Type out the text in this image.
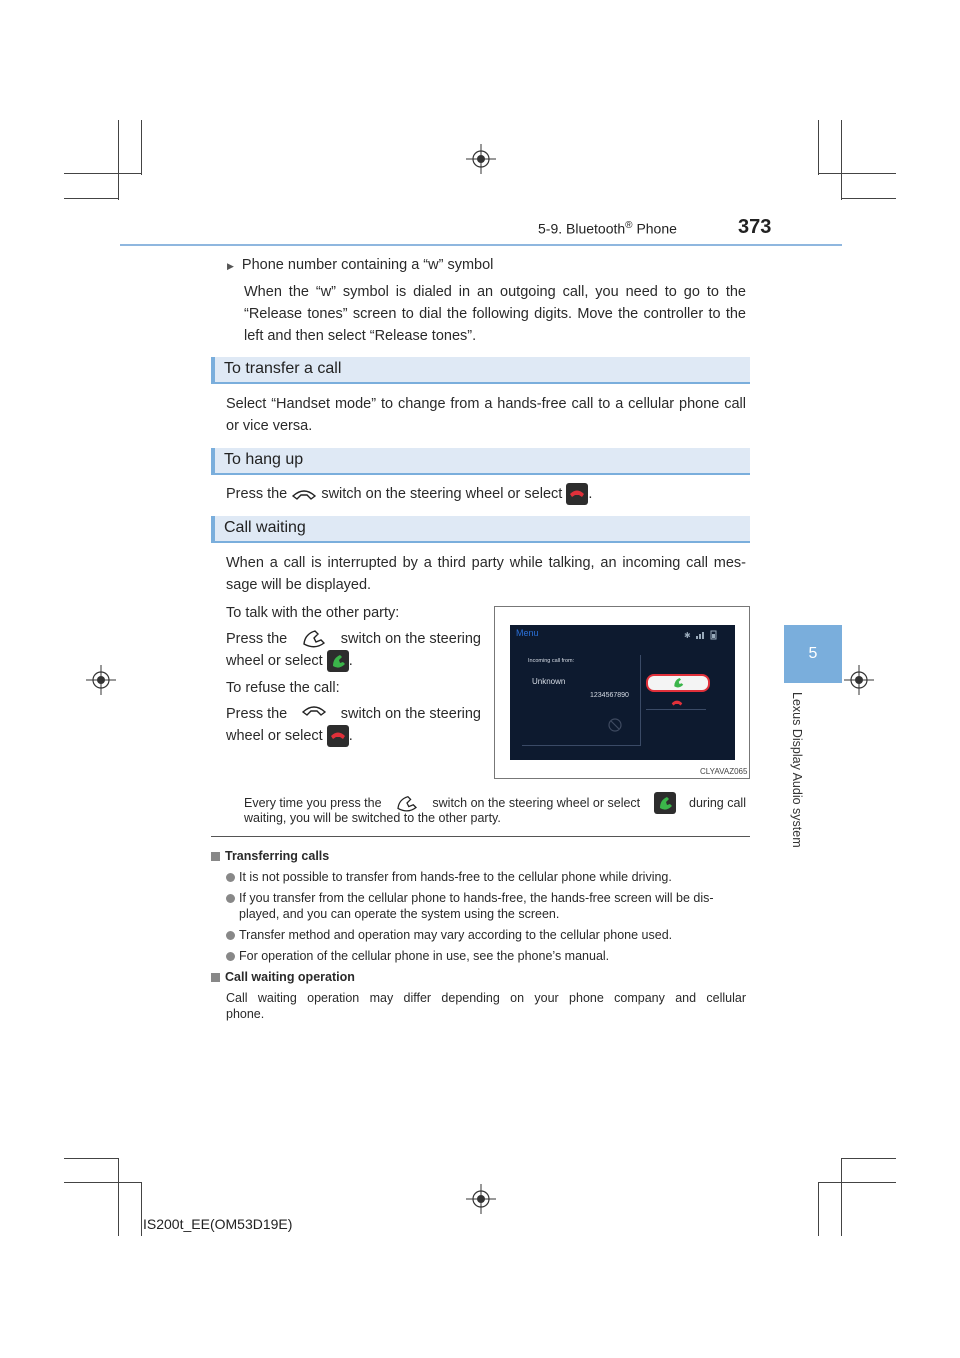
5-9. Bluetooth® Phone	373
5
Lexus Display Audio system
▶ Phone number containing a “w” symbol
When the “w” symbol is dialed in an outgoing call, you need to go to the
“Release tones” screen to dial the following digits. Move the controller to the
left and then select “Release tones”.
To transfer a call
Select “Handset mode” to change from a hands-free call to a cellular phone call
or vice versa.
To hang up
Press the switch on the steering wheel or select .
Call waiting
When a call is interrupted by a third party while talking, an incoming call mes-
sage will be displayed.
To talk with the other party:
Press the	switch on the steering
wheel or select .
To refuse the call:
Press the	switch on the steering
wheel or select .
Menu	✱
Incoming call from:
Unknown
1234567890
CLYAVAZ065
Every time you press the	switch on the steering wheel or select	during call
waiting, you will be switched to the other party.
Transferring calls
It is not possible to transfer from hands-free to the cellular phone while driving.
If you transfer from the cellular phone to hands-free, the hands-free screen will be dis-
played, and you can operate the system using the screen.
Transfer method and operation may vary according to the cellular phone used.
For operation of the cellular phone in use, see the phone’s manual.
Call waiting operation
Call waiting operation may differ depending on your phone company and cellular
phone.
IS200t_EE(OM53D19E)
